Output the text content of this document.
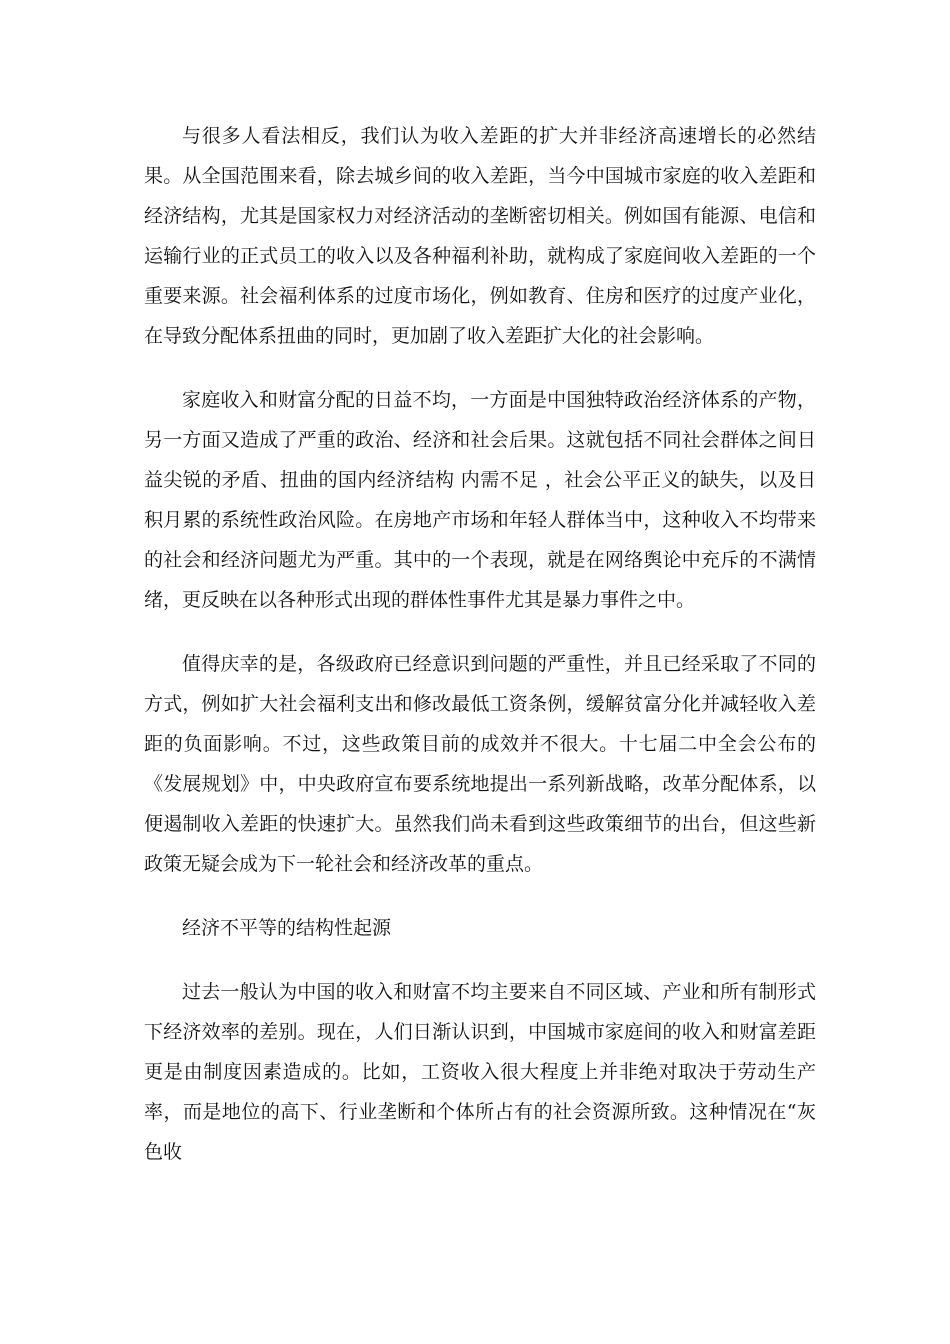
与很多人看法相反，我们认为收入差距的扩大并非经济高速增长的必然结果。从全国范围来看，除去城乡间的收入差距，当今中国城市家庭的收入差距和经济结构，尤其是国家权力对经济活动的垄断密切相关。例如国有能源、电信和运输行业的正式员工的收入以及各种福利补助，就构成了家庭间收入差距的一个重要来源。社会福利体系的过度市场化，例如教育、住房和医疗的过度产业化，在导致分配体系扭曲的同时，更加剧了收入差距扩大化的社会影响。

家庭收入和财富分配的日益不均，一方面是中国独特政治经济体系的产物，另一方面又造成了严重的政治、经济和社会后果。这就包括不同社会群体之间日益尖锐的矛盾、扭曲的国内经济结构 内需不足 ，社会公平正义的缺失，以及日积月累的系统性政治风险。在房地产市场和年轻人群体当中，这种收入不均带来的社会和经济问题尤为严重。其中的一个表现，就是在网络舆论中充斥的不满情绪，更反映在以各种形式出现的群体性事件尤其是暴力事件之中。

值得庆幸的是，各级政府已经意识到问题的严重性，并且已经采取了不同的方式，例如扩大社会福利支出和修改最低工资条例，缓解贫富分化并减轻收入差距的负面影响。不过，这些政策目前的成效并不很大。十七届二中全会公布的《发展规划》中，中央政府宣布要系统地提出一系列新战略，改革分配体系，以便遏制收入差距的快速扩大。虽然我们尚未看到这些政策细节的出台，但这些新政策无疑会成为下一轮社会和经济改革的重点。

经济不平等的结构性起源

过去一般认为中国的收入和财富不均主要来自不同区域、产业和所有制形式下经济效率的差别。现在，人们日渐认识到，中国城市家庭间的收入和财富差距更是由制度因素造成的。比如，工资收入很大程度上并非绝对取决于劳动生产率，而是地位的高下、行业垄断和个体所占有的社会资源所致。这种情况在“灰色收
